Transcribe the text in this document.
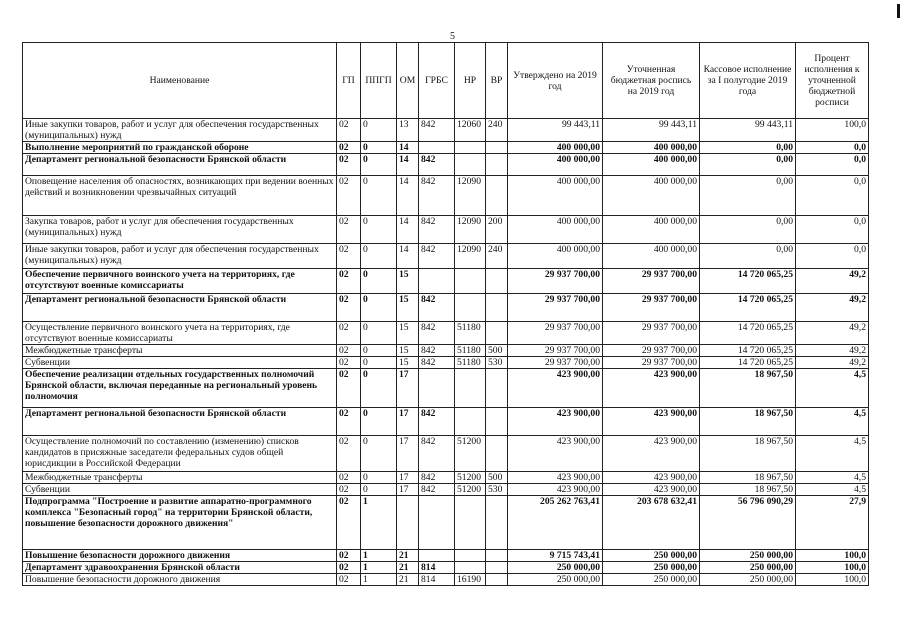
5
Наименование	ГП	ППГП	ОМ	ГРБС	НР	ВР	Утверждено на 2019 год	Уточненная бюджетная роспись на 2019 год	Кассовое исполнение за I полугодие 2019 года	Процент исполнения к уточненной бюджетной росписи
Иные закупки товаров, работ и услуг для обеспечения государственных (муниципальных) нужд	02	0	13	842	12060	240	99 443,11	99 443,11	99 443,11	100,0
Выполнение мероприятий по гражданской обороне	02	0	14				400 000,00	400 000,00	0,00	0,0
Департамент региональной безопасности Брянской области	02	0	14	842			400 000,00	400 000,00	0,00	0,0
Оповещение населения об опасностях, возникающих при ведении военных действий и возникновении чрезвычайных ситуаций	02	0	14	842	12090		400 000,00	400 000,00	0,00	0,0
Закупка товаров, работ и услуг для обеспечения государственных (муниципальных) нужд	02	0	14	842	12090	200	400 000,00	400 000,00	0,00	0,0
Иные закупки товаров, работ и услуг для обеспечения государственных (муниципальных) нужд	02	0	14	842	12090	240	400 000,00	400 000,00	0,00	0,0
Обеспечение первичного воинского учета на территориях, где отсутствуют военные комиссариаты	02	0	15				29 937 700,00	29 937 700,00	14 720 065,25	49,2
Департамент региональной безопасности Брянской области	02	0	15	842			29 937 700,00	29 937 700,00	14 720 065,25	49,2
Осуществление первичного воинского учета на территориях, где отсутствуют военные комиссариаты	02	0	15	842	51180		29 937 700,00	29 937 700,00	14 720 065,25	49,2
Межбюджетные трансферты	02	0	15	842	51180	500	29 937 700,00	29 937 700,00	14 720 065,25	49,2
Субвенции	02	0	15	842	51180	530	29 937 700,00	29 937 700,00	14 720 065,25	49,2
Обеспечение реализации отдельных государственных полномочий Брянской области, включая переданные на региональный уровень полномочия	02	0	17				423 900,00	423 900,00	18 967,50	4,5
Департамент региональной безопасности Брянской области	02	0	17	842			423 900,00	423 900,00	18 967,50	4,5
Осуществление полномочий по составлению (изменению) списков кандидатов в присяжные заседатели федеральных судов общей юрисдикции в Российской Федерации	02	0	17	842	51200		423 900,00	423 900,00	18 967,50	4,5
Межбюджетные трансферты	02	0	17	842	51200	500	423 900,00	423 900,00	18 967,50	4,5
Субвенции	02	0	17	842	51200	530	423 900,00	423 900,00	18 967,50	4,5
Подпрограмма "Построение и развитие аппаратно-программного комплекса "Безопасный город" на территории Брянской области, повышение безопасности дорожного движения"	02	1					205 262 763,41	203 678 632,41	56 796 090,29	27,9
Повышение безопасности дорожного движения	02	1	21				9 715 743,41	250 000,00	250 000,00	100,0
Департамент здравоохранения Брянской области	02	1	21	814			250 000,00	250 000,00	250 000,00	100,0
Повышение безопасности дорожного движения	02	1	21	814	16190		250 000,00	250 000,00	250 000,00	100,0
